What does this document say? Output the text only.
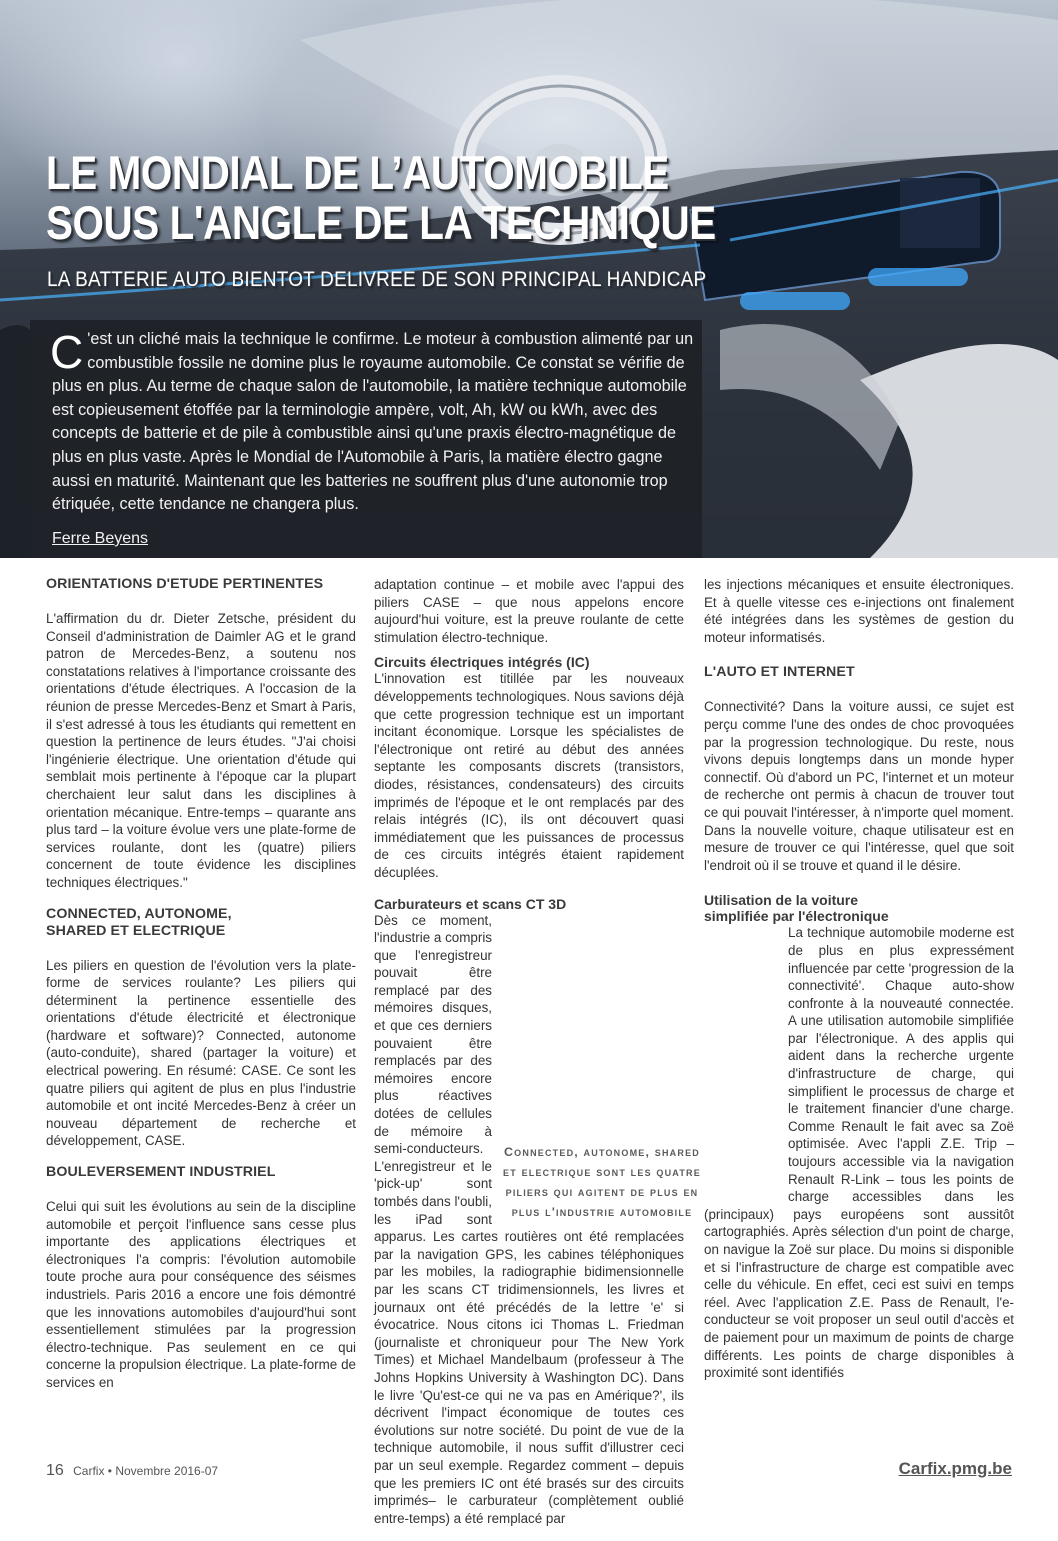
LE MONDIAL DE L’AUTOMOBILE
SOUS L'ANGLE DE LA TECHNIQUE

LA BATTERIE AUTO BIENTOT DELIVREE DE SON PRINCIPAL HANDICAP

C 'est un cliché mais la technique le confirme. Le moteur à combustion alimenté par un combustible fossile ne domine plus le royaume automobile. Ce constat se vérifie de plus en plus. Au terme de chaque salon de l'automobile, la matière technique automobile est copieusement étoffée par la terminologie ampère, volt, Ah, kW ou kWh, avec des concepts de batterie et de pile à combustible ainsi qu'une praxis électro-magnétique de plus en plus vaste. Après le Mondial de l'Automobile à Paris, la matière électro gagne aussi en maturité. Maintenant que les batteries ne souffrent plus d'une autonomie trop étriquée, cette tendance ne changera plus.

Ferre Beyens

ORIENTATIONS D'ETUDE PERTINENTES

L'affirmation du dr. Dieter Zetsche, président du Conseil d'administration de Daimler AG et le grand patron de Mercedes-Benz, a soutenu nos constatations relatives à l'importance croissante des orientations d'étude électriques. A l'occasion de la réunion de presse Mercedes-Benz et Smart à Paris, il s'est adressé à tous les étudiants qui remettent en question la pertinence de leurs études. "J'ai choisi l'ingénierie électrique. Une orientation d'étude qui semblait mois pertinente à l'époque car la plupart cherchaient leur salut dans les disciplines à orientation mécanique. Entre-temps – quarante ans plus tard – la voiture évolue vers une plate-forme de services roulante, dont les (quatre) piliers concernent de toute évidence les disciplines techniques électriques."

CONNECTED, AUTONOME,
SHARED ET ELECTRIQUE

Les piliers en question de l'évolution vers la plate-forme de services roulante? Les piliers qui déterminent la pertinence essentielle des orientations d'étude électricité et électronique (hardware et software)? Connected, autonome (auto-conduite), shared (partager la voiture) et electrical powering. En résumé: CASE. Ce sont les quatre piliers qui agitent de plus en plus l'industrie automobile et ont incité Mercedes-Benz à créer un nouveau département de recherche et développement, CASE.

BOULEVERSEMENT INDUSTRIEL

Celui qui suit les évolutions au sein de la discipline automobile et perçoit l'influence sans cesse plus importante des applications électriques et électroniques l'a compris: l'évolution automobile toute proche aura pour conséquence des séismes industriels. Paris 2016 a encore une fois démontré que les innovations automobiles d'aujourd'hui sont essentiellement stimulées par la progression électro-technique. Pas seulement en ce qui concerne la propulsion électrique. La plate-forme de services en

adaptation continue – et mobile avec l'appui des piliers CASE – que nous appelons encore aujourd'hui voiture, est la preuve roulante de cette stimulation électro-technique.

Circuits électriques intégrés (IC)

L'innovation est titillée par les nouveaux développements technologiques. Nous savions déjà que cette progression technique est un important incitant économique. Lorsque les spécialistes de l'électronique ont retiré au début des années septante les composants discrets (transistors, diodes, résistances, condensateurs) des circuits imprimés de l'époque et le ont remplacés par des relais intégrés (IC), ils ont découvert quasi immédiatement que les puissances de processus de ces circuits intégrés étaient rapidement décuplées.

Carburateurs et scans CT 3D

Connected, autonome, shared et electrique sont les quatre piliers qui agitent de plus en plus l'industrie automobile
Dès ce moment, l'industrie a compris que l'enregistreur pouvait être remplacé par des mémoires disques, et que ces derniers pouvaient être remplacés par des mémoires encore plus réactives dotées de cellules de mémoire à semi-conducteurs. L'enregistreur et le 'pick-up' sont tombés dans l'oubli, les iPad sont apparus. Les cartes routières ont été remplacées par la navigation GPS, les cabines téléphoniques par les mobiles, la radiographie bidimensionnelle par les scans CT tridimensionnels, les livres et journaux ont été précédés de la lettre 'e' si évocatrice. Nous citons ici Thomas L. Friedman (journaliste et chroniqueur pour The New York Times) et Michael Mandelbaum (professeur à The Johns Hopkins University à Washington DC). Dans le livre 'Qu'est-ce qui ne va pas en Amérique?', ils décrivent l'impact économique de toutes ces évolutions sur notre société. Du point de vue de la technique automobile, il nous suffit d'illustrer ceci par un seul exemple. Regardez comment – depuis que les premiers IC ont été brasés sur des circuits imprimés– le carburateur (complètement oublié entre-temps) a été remplacé par

les injections mécaniques et ensuite électroniques. Et à quelle vitesse ces e-injections ont finalement été intégrées dans les systèmes de gestion du moteur informatisés.

L'AUTO ET INTERNET

Connectivité? Dans la voiture aussi, ce sujet est perçu comme l'une des ondes de choc provoquées par la progression technologique. Du reste, nous vivons depuis longtemps dans un monde hyper connectif. Où d'abord un PC, l'internet et un moteur de recherche ont permis à chacun de trouver tout ce qui pouvait l'intéresser, à n'importe quel moment. Dans la nouvelle voiture, chaque utilisateur est en mesure de trouver ce qui l'intéresse, quel que soit l'endroit où il se trouve et quand il le désire.

Utilisation de la voiture
simplifiée par l'électronique

La technique automobile moderne est de plus en plus expressément influencée par cette 'progression de la connectivité'. Chaque auto-show confronte à la nouveauté connectée. A une utilisation automobile simplifiée par l'électronique. A des applis qui aident dans la recherche urgente d'infrastructure de charge, qui simplifient le processus de charge et le traitement financier d'une charge. Comme Renault le fait avec sa Zoë optimisée. Avec l'appli Z.E. Trip – toujours accessible via la navigation Renault R-Link – tous les points de charge accessibles dans les (principaux) pays européens sont aussitôt cartographiés. Après sélection d'un point de charge, on navigue la Zoë sur place. Du moins si disponible et si l'infrastructure de charge est compatible avec celle du véhicule. En effet, ceci est suivi en temps réel. Avec l'application Z.E. Pass de Renault, l'e-conducteur se voit proposer un seul outil d'accès et de paiement pour un maximum de points de charge différents. Les points de charge disponibles à proximité sont identifiés

16 Carfix • Novembre 2016-07	Carfix.pmg.be
